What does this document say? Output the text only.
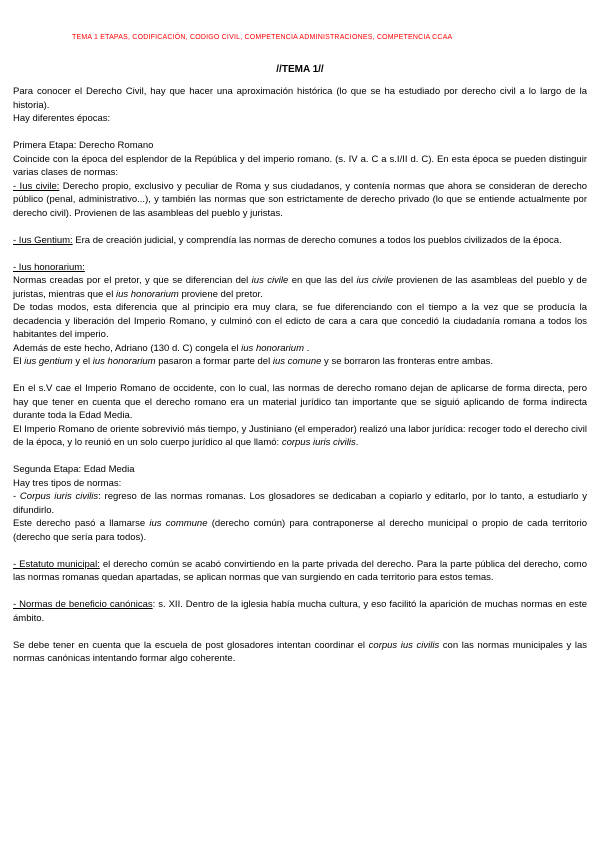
TEMA 1 ETAPAS, CODIFICACIÓN, CODIGO CIVIL, COMPETENCIA ADMINISTRACIONES, COMPETENCIA CCAA
//TEMA 1//

Para conocer el Derecho Civil, hay que hacer una aproximación histórica (lo que se ha estudiado por derecho civil a lo largo de la historia).

Hay diferentes épocas:

Primera Etapa: Derecho Romano

Coincide con la época del esplendor de la República y del imperio romano. (s. IV a. C a s.I/II d. C). En esta época se pueden distinguir varias clases de normas:

- Ius civile: Derecho propio, exclusivo y peculiar de Roma y sus ciudadanos, y contenía normas que ahora se consideran de derecho público (penal, administrativo...), y también las normas que son estrictamente de derecho privado (lo que se entiende actualmente por derecho civil). Provienen de las asambleas del pueblo y juristas.

- Ius Gentium: Era de creación judicial, y comprendía las normas de derecho comunes a todos los pueblos civilizados de la época.

- Ius honorarium:

Normas creadas por el pretor, y que se diferencian del ius civile en que las del ius civile provienen de las asambleas del pueblo y de juristas, mientras que el ius honorarium proviene del pretor.

De todas modos, esta diferencia que al principio era muy clara, se fue diferenciando con el tiempo a la vez que se producía la decadencia y liberación del Imperio Romano, y culminó con el edicto de cara a cara que concedió la ciudadanía romana a todos los habitantes del imperio.

Además de este hecho, Adriano (130 d. C) congela el ius honorarium .

El ius gentium y el ius honorarium pasaron a formar parte del ius comune y se borraron las fronteras entre ambas.

En el s.V cae el Imperio Romano de occidente, con lo cual, las normas de derecho romano dejan de aplicarse de forma directa, pero hay que tener en cuenta que el derecho romano era un material jurídico tan importante que se siguió aplicando de forma indirecta durante toda la Edad Media.

El Imperio Romano de oriente sobrevivió más tiempo, y Justiniano (el emperador) realizó una labor jurídica: recoger todo el derecho civil de la época, y lo reunió en un solo cuerpo jurídico al que llamó: corpus iuris civilis.

Segunda Etapa: Edad Media

Hay tres tipos de normas:

- Corpus iuris civilis: regreso de las normas romanas. Los glosadores se dedicaban a copiarlo y editarlo, por lo tanto, a estudiarlo y difundirlo.

Este derecho pasó a llamarse ius commune (derecho común) para contraponerse al derecho municipal o propio de cada territorio (derecho que sería para todos).

- Estatuto municipal: el derecho común se acabó convirtiendo en la parte privada del derecho. Para la parte pública del derecho, como las normas romanas quedan apartadas, se aplican normas que van surgiendo en cada territorio para estos temas.

- Normas de beneficio canónicas: s. XII. Dentro de la iglesia había mucha cultura, y eso facilitó la aparición de muchas normas en este ámbito.

Se debe tener en cuenta que la escuela de post glosadores intentan coordinar el corpus ius civilis con las normas municipales y las normas canónicas intentando formar algo coherente.
